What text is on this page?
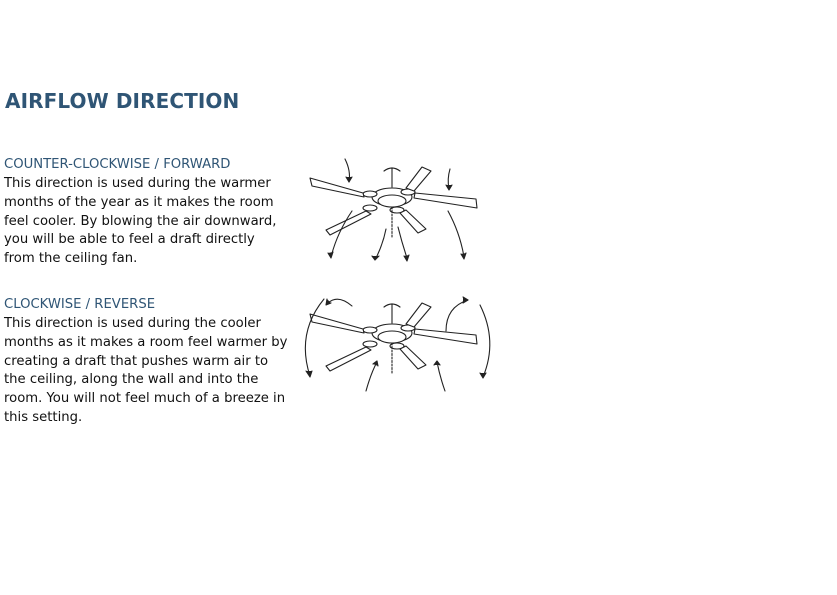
AIRFLOW DIRECTION
COUNTER-CLOCKWISE / FORWARD

This direction is used during the warmer months of the year as it makes the room feel cooler. By blowing the air downward, you will be able to feel a draft directly from the ceiling fan.

CLOCKWISE / REVERSE

This direction is used during the cooler months as it makes a room feel warmer by creating a draft that pushes warm air to the ceiling, along the wall and into the room. You will not feel much of a breeze in this setting.
